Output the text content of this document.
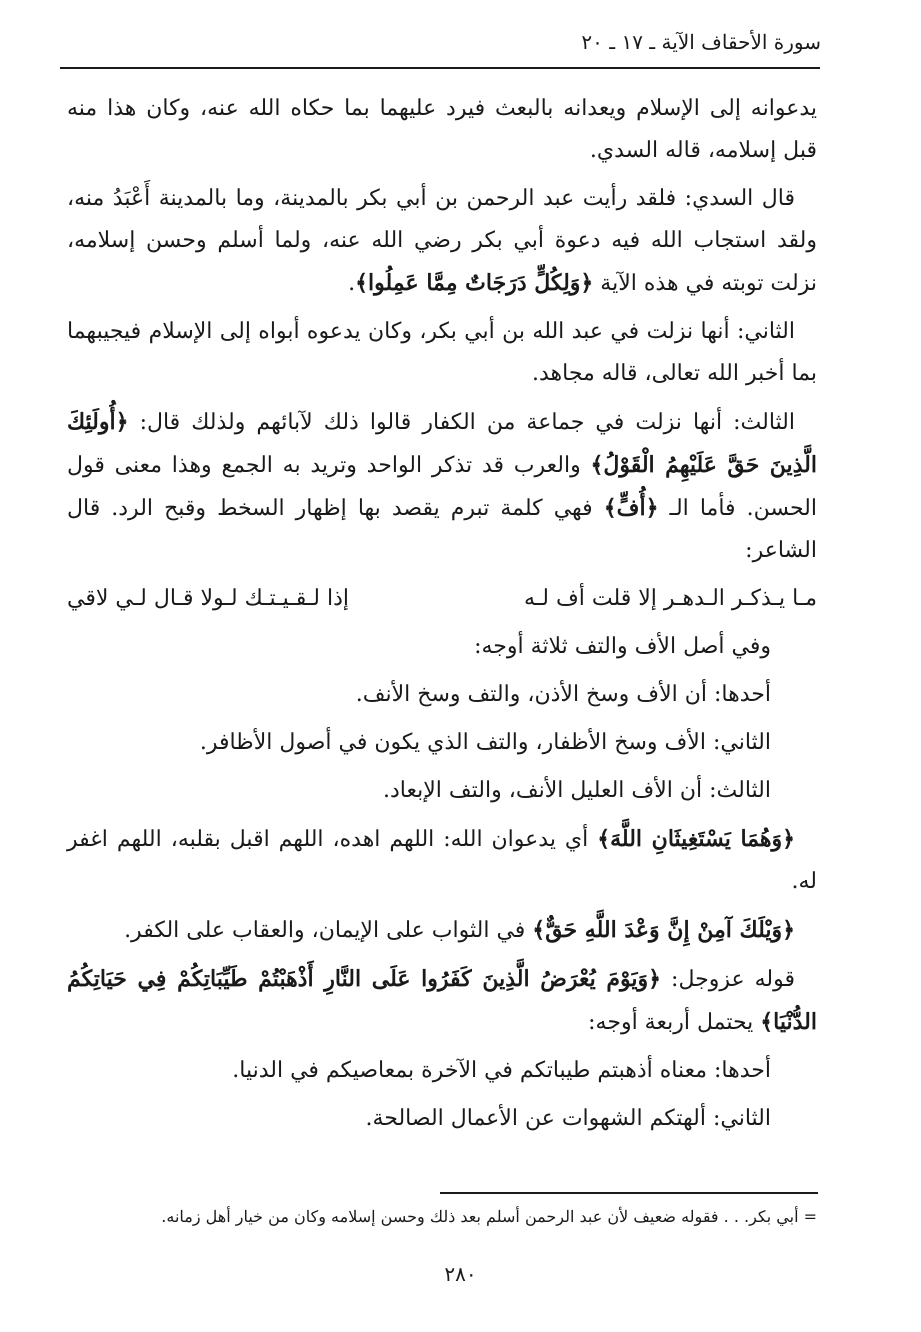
سورة الأحقاف الآية ـ ١٧ ـ ٢٠

يدعوانه إلى الإسلام ويعدانه بالبعث فيرد عليهما بما حكاه الله عنه، وكان هذا منه قبل إسلامه، قاله السدي.

قال السدي: فلقد رأيت عبد الرحمن بن أبي بكر بالمدينة، وما بالمدينة أَعْبَدُ منه، ولقد استجاب الله فيه دعوة أبي بكر رضي الله عنه، ولما أسلم وحسن إسلامه، نزلت توبته في هذه الآية ﴿وَلِكُلٍّ دَرَجَاتٌ مِمَّا عَمِلُوا﴾.

الثاني: أنها نزلت في عبد الله بن أبي بكر، وكان يدعوه أبواه إلى الإسلام فيجيبهما بما أخبر الله تعالى، قاله مجاهد.

الثالث: أنها نزلت في جماعة من الكفار قالوا ذلك لآبائهم ولذلك قال: ﴿أُولَئِكَ الَّذِينَ حَقَّ عَلَيْهِمُ الْقَوْلُ﴾ والعرب قد تذكر الواحد وتريد به الجمع وهذا معنى قول الحسن. فأما الـ ﴿أُفٍّ﴾ فهي كلمة تبرم يقصد بها إظهار السخط وقبح الرد. قال الشاعر:

مـا يـذكـر الـدهـر إلا قلت أف لـه
إذا لـقـيـتـك لـولا قـال لـي لاقي

وفي أصل الأف والتف ثلاثة أوجه:

أحدها: أن الأف وسخ الأذن، والتف وسخ الأنف.

الثاني: الأف وسخ الأظفار، والتف الذي يكون في أصول الأظافر.

الثالث: أن الأف العليل الأنف، والتف الإبعاد.

﴿وَهُمَا يَسْتَغِيثَانِ اللَّهَ﴾ أي يدعوان الله: اللهم اهده، اللهم اقبل بقلبه، اللهم اغفر له.

﴿وَيْلَكَ آمِنْ إِنَّ وَعْدَ اللَّهِ حَقٌّ﴾ في الثواب على الإيمان، والعقاب على الكفر.

قوله عزوجل: ﴿وَيَوْمَ يُعْرَضُ الَّذِينَ كَفَرُوا عَلَى النَّارِ أَذْهَبْتُمْ طَيِّبَاتِكُمْ فِي حَيَاتِكُمُ الدُّنْيَا﴾ يحتمل أربعة أوجه:

أحدها: معناه أذهبتم طيباتكم في الآخرة بمعاصيكم في الدنيا.

الثاني: ألهتكم الشهوات عن الأعمال الصالحة.

= أبي بكر. . . فقوله ضعيف لأن عبد الرحمن أسلم بعد ذلك وحسن إسلامه وكان من خيار أهل زمانه.
٢٨٠
